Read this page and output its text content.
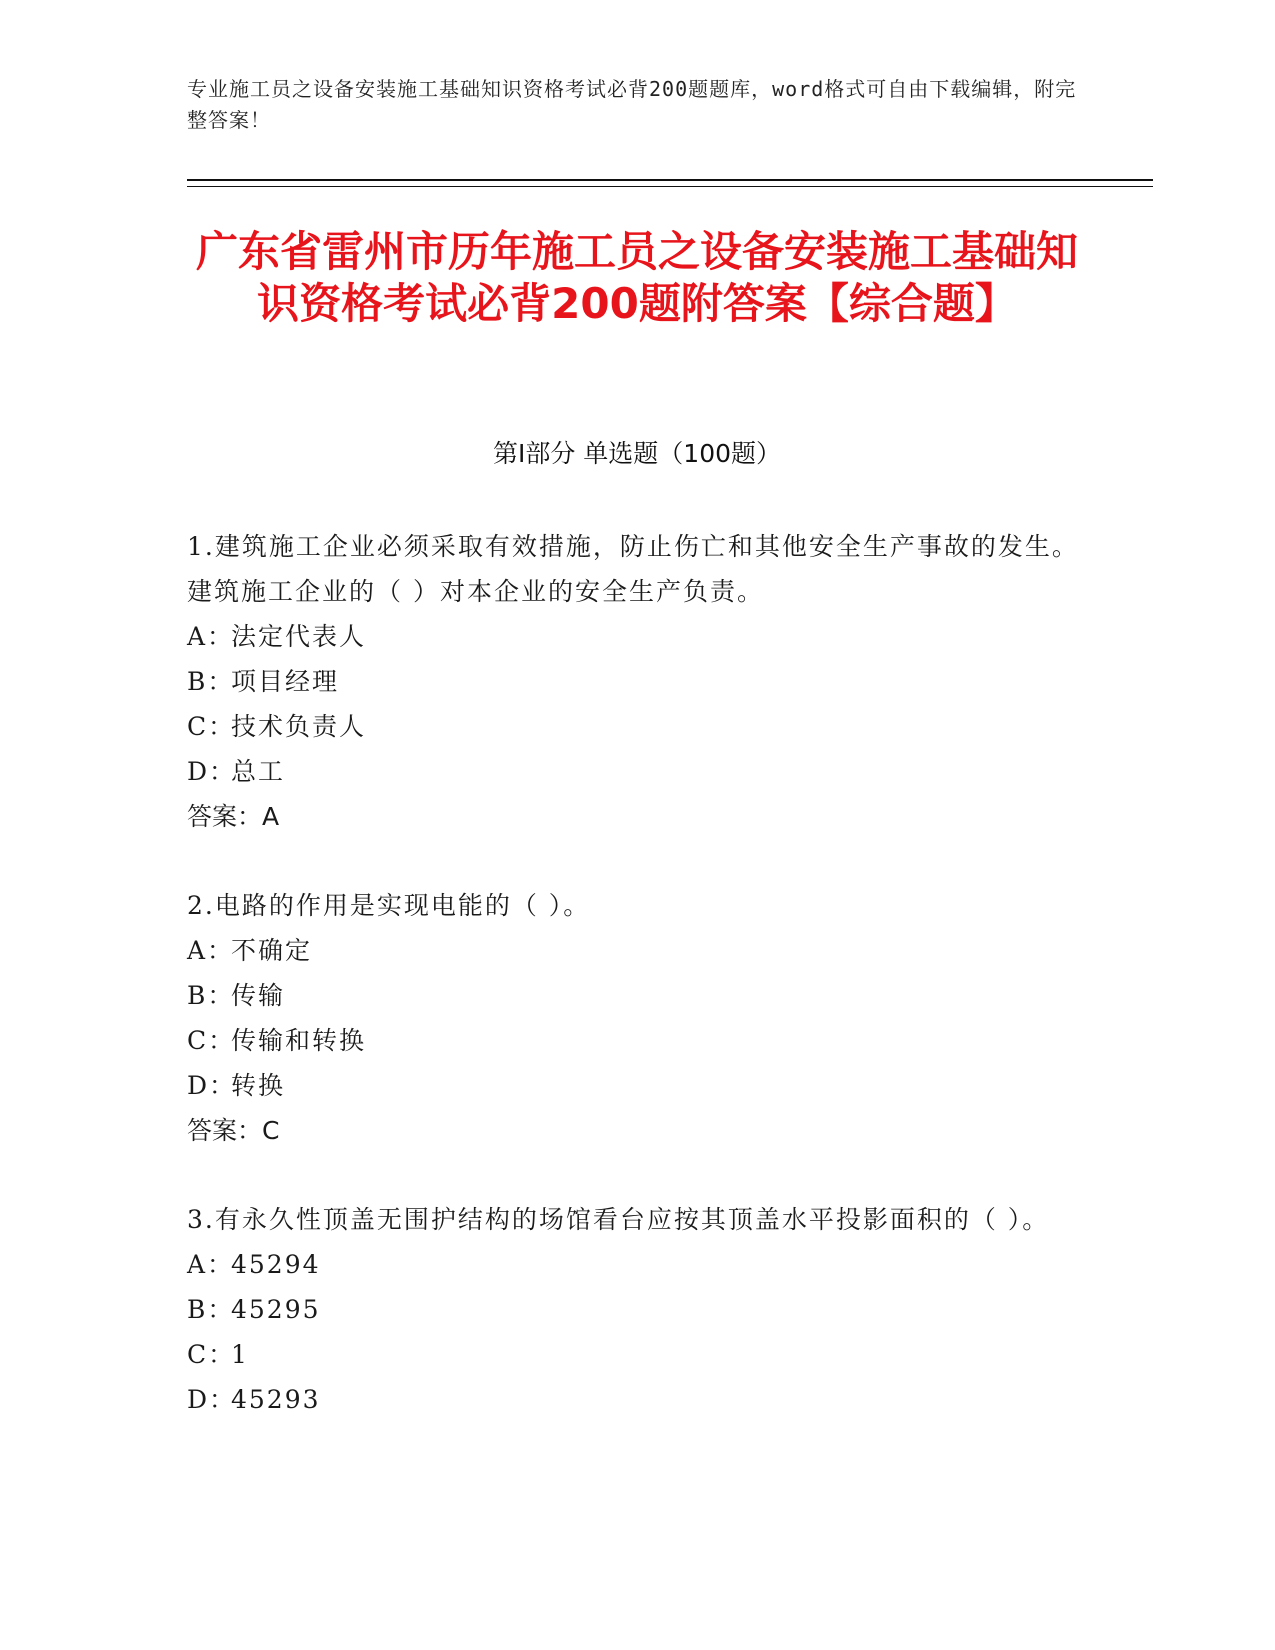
专业施工员之设备安装施工基础知识资格考试必背200题题库，word格式可自由下载编辑，附完整答案！
广东省雷州市历年施工员之设备安装施工基础知识资格考试必背200题附答案【综合题】
第I部分 单选题（100题）

1.建筑施工企业必须采取有效措施，防止伤亡和其他安全生产事故的发生。建筑施工企业的（ ）对本企业的安全生产负责。

A：法定代表人

B：项目经理

C：技术负责人

D：总工

答案：A

2.电路的作用是实现电能的（ ）。

A：不确定

B：传输

C：传输和转换

D：转换

答案：C

3.有永久性顶盖无围护结构的场馆看台应按其顶盖水平投影面积的（ ）。

A：45294

B：45295

C：1

D：45293
